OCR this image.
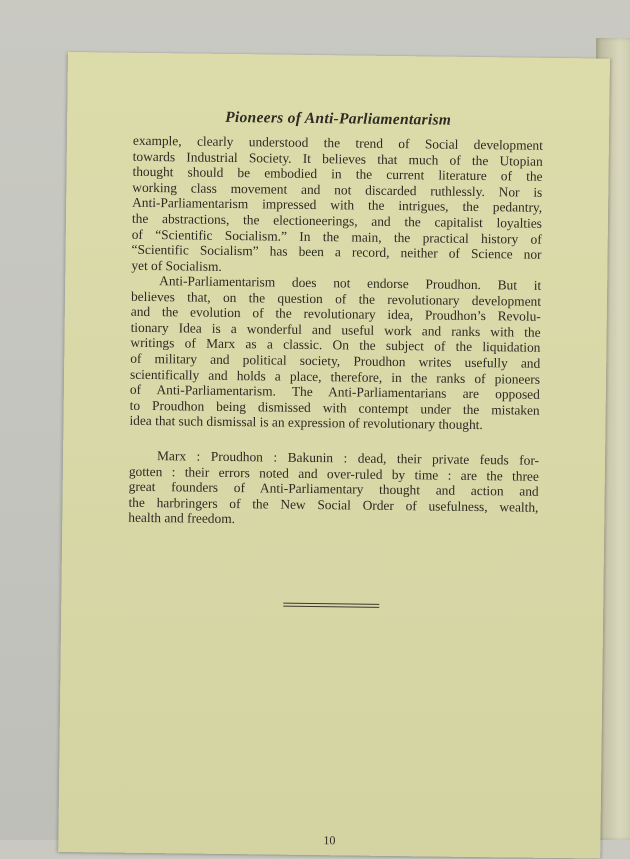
Pioneers of Anti-Parliamentarism
example, clearly understood the trend of Social development
towards Industrial Society. It believes that much of the Utopian
thought should be embodied in the current literature of the
working class movement and not discarded ruthlessly. Nor is
Anti-Parliamentarism impressed with the intrigues, the pedantry,
the abstractions, the electioneerings, and the capitalist loyalties
of “Scientific Socialism.” In the main, the practical history of
“Scientific Socialism” has been a record, neither of Science nor
yet of Socialism.
Anti-Parliamentarism does not endorse Proudhon. But it
believes that, on the question of the revolutionary development
and the evolution of the revolutionary idea, Proudhon’s Revolu-
tionary Idea is a wonderful and useful work and ranks with the
writings of Marx as a classic. On the subject of the liquidation
of military and political society, Proudhon writes usefully and
scientifically and holds a place, therefore, in the ranks of pioneers
of Anti-Parliamentarism. The Anti-Parliamentarians are opposed
to Proudhon being dismissed with contempt under the mistaken
idea that such dismissal is an expression of revolutionary thought.
Marx : Proudhon : Bakunin : dead, their private feuds for-
gotten : their errors noted and over-ruled by time : are the three
great founders of Anti-Parliamentary thought and action and
the harbringers of the New Social Order of usefulness, wealth,
health and freedom.
10
